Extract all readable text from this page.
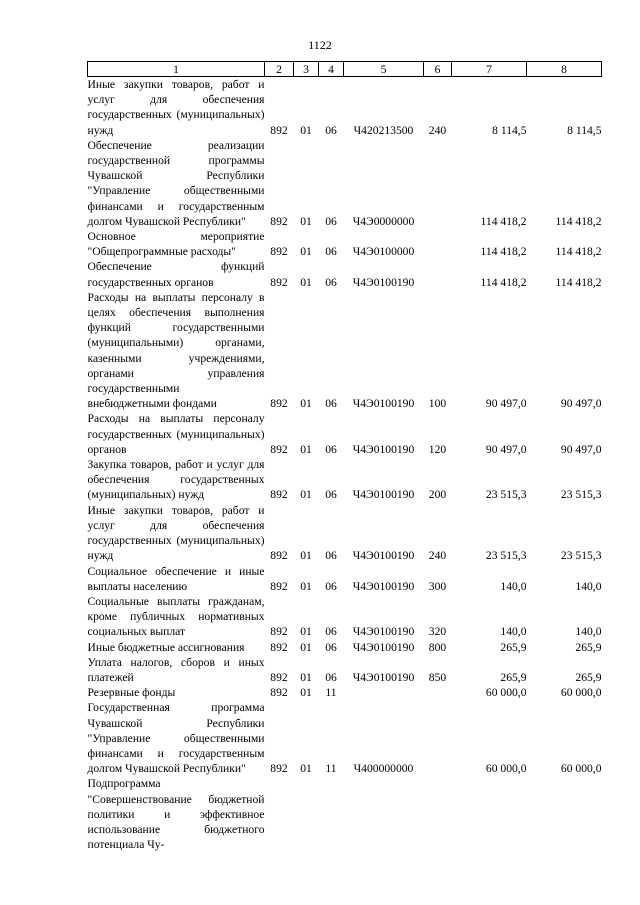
1122
1	2	3	4	5	6	7	8
Иные закупки товаров, работ и услуг для обеспечения государственных (муниципальных) нужд	892	01	06	Ч420213500	240	8 114,5	8 114,5
Обеспечение реализации государственной программы Чувашской Республики "Управление общественными финансами и государственным долгом Чувашской Республики"	892	01	06	Ч4Э0000000		114 418,2	114 418,2
Основное мероприятие "Общепрограммные расходы"	892	01	06	Ч4Э0100000		114 418,2	114 418,2
Обеспечение функций государственных органов	892	01	06	Ч4Э0100190		114 418,2	114 418,2
Расходы на выплаты персоналу в целях обеспечения выполнения функций государственными (муниципальными) органами, казенными учреждениями, органами управления государственными внебюджетными фондами	892	01	06	Ч4Э0100190	100	90 497,0	90 497,0
Расходы на выплаты персоналу государственных (муниципальных) органов	892	01	06	Ч4Э0100190	120	90 497,0	90 497,0
Закупка товаров, работ и услуг для обеспечения государственных (муниципальных) нужд	892	01	06	Ч4Э0100190	200	23 515,3	23 515,3
Иные закупки товаров, работ и услуг для обеспечения государственных (муниципальных) нужд	892	01	06	Ч4Э0100190	240	23 515,3	23 515,3
Социальное обеспечение и иные выплаты населению	892	01	06	Ч4Э0100190	300	140,0	140,0
Социальные выплаты гражданам, кроме публичных нормативных социальных выплат	892	01	06	Ч4Э0100190	320	140,0	140,0
Иные бюджетные ассигнования	892	01	06	Ч4Э0100190	800	265,9	265,9
Уплата налогов, сборов и иных платежей	892	01	06	Ч4Э0100190	850	265,9	265,9
Резервные фонды	892	01	11			60 000,0	60 000,0
Государственная программа Чувашской Республики "Управление общественными финансами и государственным долгом Чувашской Республики"	892	01	11	Ч400000000		60 000,0	60 000,0
Подпрограмма "Совершенствование бюджетной политики и эффективное использование бюджетного потенциала Чу-							
